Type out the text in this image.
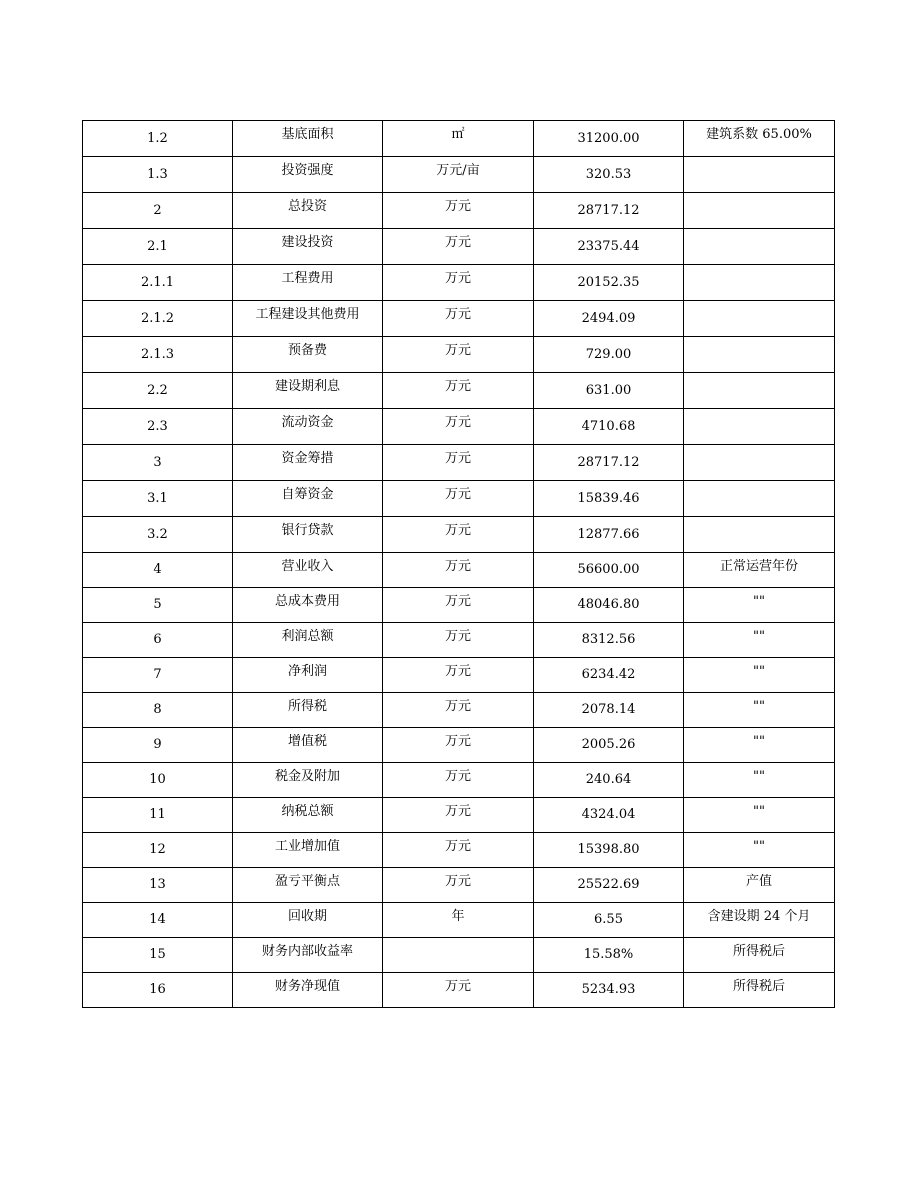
1.2	基底面积	㎡	31200.00	建筑系数 65.00%
1.3	投资强度	万元/亩	320.53	
2	总投资	万元	28717.12	
2.1	建设投资	万元	23375.44	
2.1.1	工程费用	万元	20152.35	
2.1.2	工程建设其他费用	万元	2494.09	
2.1.3	预备费	万元	729.00	
2.2	建设期利息	万元	631.00	
2.3	流动资金	万元	4710.68	
3	资金筹措	万元	28717.12	
3.1	自筹资金	万元	15839.46	
3.2	银行贷款	万元	12877.66	
4	营业收入	万元	56600.00	正常运营年份
5	总成本费用	万元	48046.80	""
6	利润总额	万元	8312.56	""
7	净利润	万元	6234.42	""
8	所得税	万元	2078.14	""
9	增值税	万元	2005.26	""
10	税金及附加	万元	240.64	""
11	纳税总额	万元	4324.04	""
12	工业增加值	万元	15398.80	""
13	盈亏平衡点	万元	25522.69	产值
14	回收期	年	6.55	含建设期 24 个月
15	财务内部收益率		15.58%	所得税后
16	财务净现值	万元	5234.93	所得税后
